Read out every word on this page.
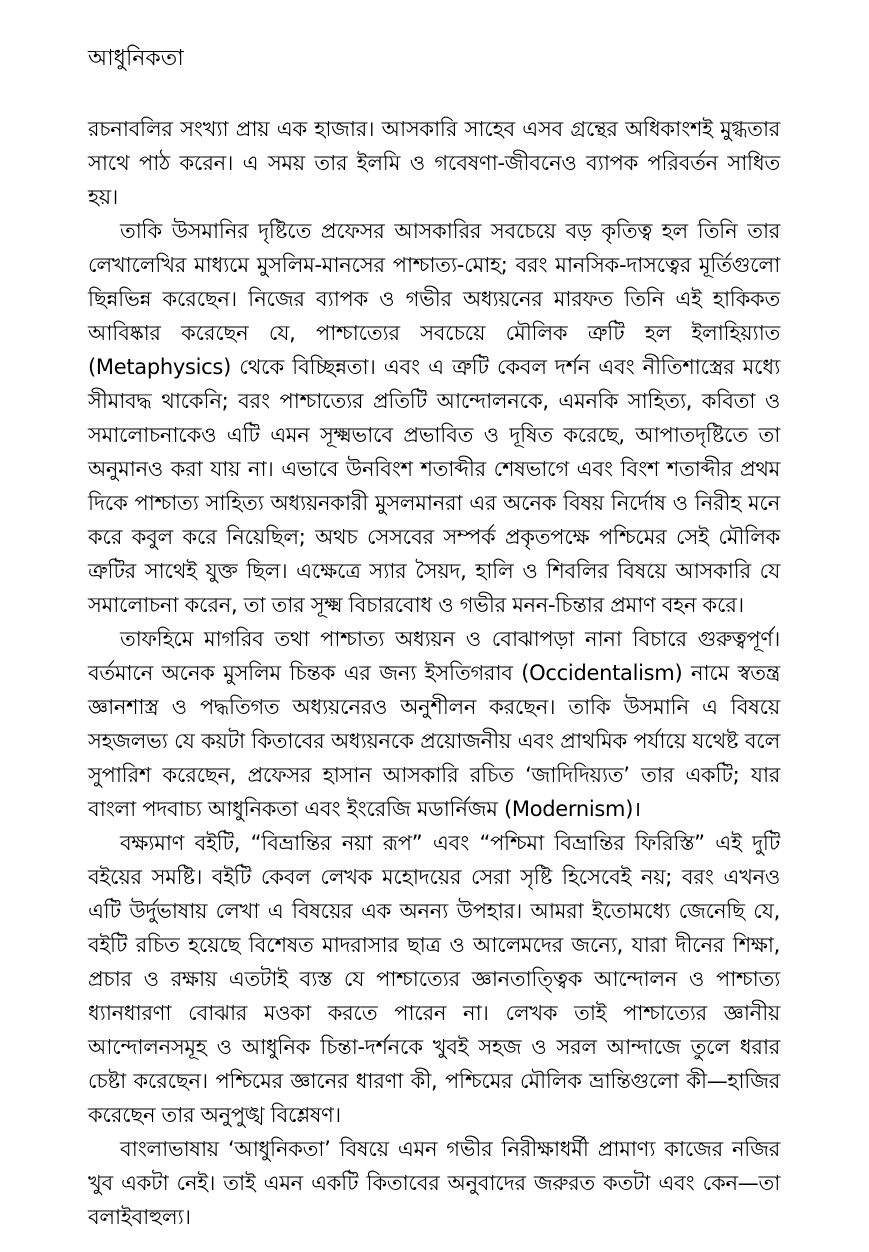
আধুনিকতা

রচনাবলির সংখ্যা প্রায় এক হাজার। আসকারি সাহেব এসব গ্রন্থের অধিকাংশই মুগ্ধতার সাথে পাঠ করেন। এ সময় তার ইলমি ও গবেষণা-জীবনেও ব্যাপক পরিবর্তন সাধিত হয়।

তাকি উসমানির দৃষ্টিতে প্রফেসর আসকারির সবচেয়ে বড় কৃতিত্ব হল তিনি তার লেখালেখির মাধ্যমে মুসলিম-মানসের পাশ্চাত্য-মোহ; বরং মানসিক-দাসত্বের মূর্তিগুলো ছিন্নভিন্ন করেছেন। নিজের ব্যাপক ও গভীর অধ্যয়নের মারফত তিনি এই হাকিকত আবিষ্কার করেছেন যে, পাশ্চাত্যের সবচেয়ে মৌলিক ত্রুটি হল ইলাহিয়্যাত (Metaphysics) থেকে বিচ্ছিন্নতা। এবং এ ত্রুটি কেবল দর্শন এবং নীতিশাস্ত্রের মধ্যে সীমাবদ্ধ থাকেনি; বরং পাশ্চাত্যের প্রতিটি আন্দোলনকে, এমনকি সাহিত্য, কবিতা ও সমালোচনাকেও এটি এমন সূক্ষ্মভাবে প্রভাবিত ও দূষিত করেছে, আপাতদৃষ্টিতে তা অনুমানও করা যায় না। এভাবে উনবিংশ শতাব্দীর শেষভাগে এবং বিংশ শতাব্দীর প্রথম দিকে পাশ্চাত্য সাহিত্য অধ্যয়নকারী মুসলমানরা এর অনেক বিষয় নির্দোষ ও নিরীহ মনে করে কবুল করে নিয়েছিল; অথচ সেসবের সম্পর্ক প্রকৃতপক্ষে পশ্চিমের সেই মৌলিক ত্রুটির সাথেই যুক্ত ছিল। এক্ষেত্রে স্যার সৈয়দ, হালি ও শিবলির বিষয়ে আসকারি যে সমালোচনা করেন, তা তার সূক্ষ্ম বিচারবোধ ও গভীর মনন-চিন্তার প্রমাণ বহন করে।

তাফহিমে মাগরিব তথা পাশ্চাত্য অধ্যয়ন ও বোঝাপড়া নানা বিচারে গুরুত্বপূর্ণ। বর্তমানে অনেক মুসলিম চিন্তক এর জন্য ইসতিগরাব (Occidentalism) নামে স্বতন্ত্র জ্ঞানশাস্ত্র ও পদ্ধতিগত অধ্যয়নেরও অনুশীলন করছেন। তাকি উসমানি এ বিষয়ে সহজলভ্য যে কয়টা কিতাবের অধ্যয়নকে প্রয়োজনীয় এবং প্রাথমিক পর্যায়ে যথেষ্ট বলে সুপারিশ করেছেন, প্রফেসর হাসান আসকারি রচিত ‘জাদিদিয়্যত’ তার একটি; যার বাংলা পদবাচ্য আধুনিকতা এবং ইংরেজি মডার্নিজম (Modernism)।

বক্ষ্যমাণ বইটি, “বিভ্রান্তির নয়া রূপ” এবং “পশ্চিমা বিভ্রান্তির ফিরিস্তি” এই দুটি বইয়ের সমষ্টি। বইটি কেবল লেখক মহোদয়ের সেরা সৃষ্টি হিসেবেই নয়; বরং এখনও এটি উর্দুভাষায় লেখা এ বিষয়ের এক অনন্য উপহার। আমরা ইতোমধ্যে জেনেছি যে, বইটি রচিত হয়েছে বিশেষত মাদরাসার ছাত্র ও আলেমদের জন্যে, যারা দীনের শিক্ষা, প্রচার ও রক্ষায় এতটাই ব্যস্ত যে পাশ্চাত্যের জ্ঞানতাত্ত্বিক আন্দোলন ও পাশ্চাত্য ধ্যানধারণা বোঝার মওকা করতে পারেন না। লেখক তাই পাশ্চাত্যের জ্ঞানীয় আন্দোলনসমূহ ও আধুনিক চিন্তা-দর্শনকে খুবই সহজ ও সরল আন্দাজে তুলে ধরার চেষ্টা করেছেন। পশ্চিমের জ্ঞানের ধারণা কী, পশ্চিমের মৌলিক ভ্রান্তিগুলো কী—হাজির করেছেন তার অনুপুঙ্খ বিশ্লেষণ।

বাংলাভাষায় ‘আধুনিকতা’ বিষয়ে এমন গভীর নিরীক্ষাধর্মী প্রামাণ্য কাজের নজির খুব একটা নেই। তাই এমন একটি কিতাবের অনুবাদের জরুরত কতটা এবং কেন—তা বলাইবাহুল্য।
